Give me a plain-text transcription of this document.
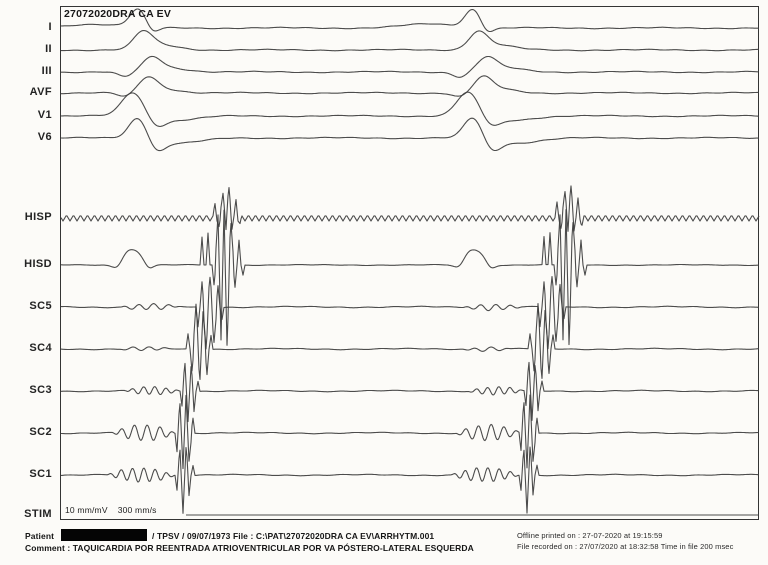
27072020DRA CA EV
I
II
III
AVF
V1
V6
HISP
HISD
SC5
SC4
SC3
SC2
SC1
STIM 10 mm/mV 300 mm/s
Patient	/ TPSV / 09/07/1973 File : C:\PAT\27072020DRA CA EV\ARRHYTM.001
Comment : TAQUICARDIA POR REENTRADA ATRIOVENTRICULAR POR VA PÓSTERO-LATERAL ESQUERDA
Offline printed on : 27-07-2020 at 19:15:59
File recorded on : 27/07/2020 at 18:32:58 Time in file 200 msec
